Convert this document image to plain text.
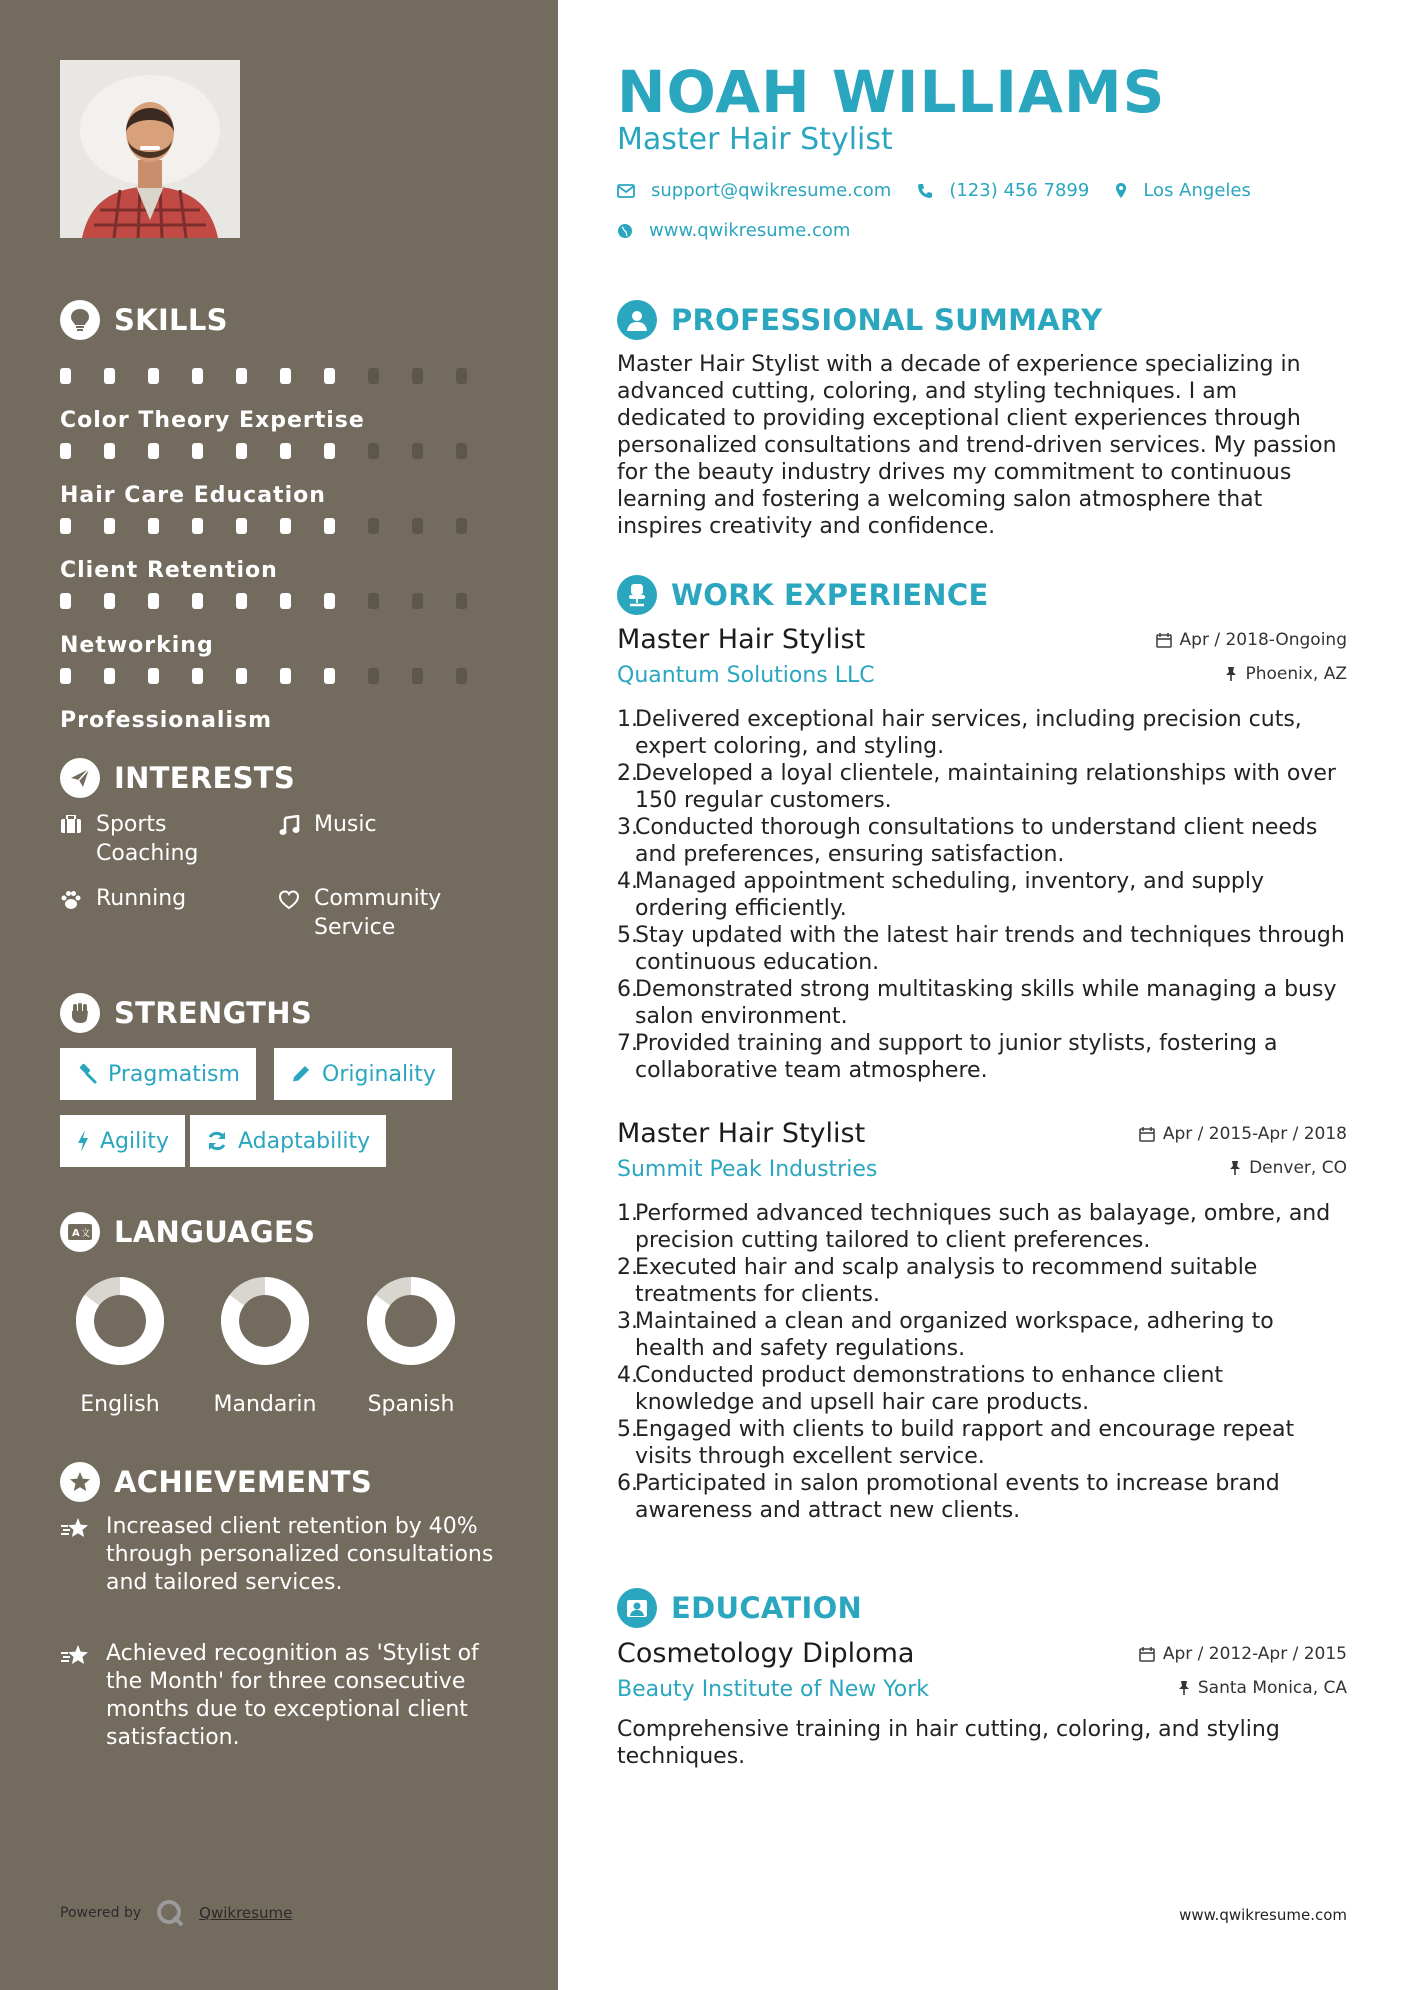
SKILLS
Color Theory Expertise
Hair Care Education
Client Retention
Networking
Professionalism
INTERESTS
Sports Coaching
Music
Running	Community Service
STRENGTHS
Pragmatism	Originality
Agility	Adaptability
A 文 LANGUAGES
English	Mandarin	Spanish
ACHIEVEMENTS
Increased client retention by 40% through personalized consultations and tailored services.
Achieved recognition as 'Stylist of the Month' for three consecutive months due to exceptional client satisfaction.
Powered by	Qwikresume
NOAH WILLIAMS
Master Hair Stylist
support@qwikresume.com	(123) 456 7899	Los Angeles
www.qwikresume.com
PROFESSIONAL SUMMARY
Master Hair Stylist with a decade of experience specializing in advanced cutting, coloring, and styling techniques. I am dedicated to providing exceptional client experiences through personalized consultations and trend-driven services. My passion for the beauty industry drives my commitment to continuous learning and fostering a welcoming salon atmosphere that inspires creativity and confidence.
WORK EXPERIENCE
Master Hair Stylist	Apr / 2018-Ongoing
Quantum Solutions LLC	Phoenix, AZ
1.Delivered exceptional hair services, including precision cuts, expert coloring, and styling.
2.Developed a loyal clientele, maintaining relationships with over 150 regular customers.
3.Conducted thorough consultations to understand client needs and preferences, ensuring satisfaction.
4.Managed appointment scheduling, inventory, and supply ordering efficiently.
5.Stay updated with the latest hair trends and techniques through continuous education.
6.Demonstrated strong multitasking skills while managing a busy salon environment.
7.Provided training and support to junior stylists, fostering a collaborative team atmosphere.
Master Hair Stylist	Apr / 2015-Apr / 2018
Summit Peak Industries	Denver, CO
1.Performed advanced techniques such as balayage, ombre, and precision cutting tailored to client preferences.
2.Executed hair and scalp analysis to recommend suitable treatments for clients.
3.Maintained a clean and organized workspace, adhering to health and safety regulations.
4.Conducted product demonstrations to enhance client knowledge and upsell hair care products.
5.Engaged with clients to build rapport and encourage repeat visits through excellent service.
6.Participated in salon promotional events to increase brand awareness and attract new clients.
EDUCATION
Cosmetology Diploma	Apr / 2012-Apr / 2015
Beauty Institute of New York	Santa Monica, CA
Comprehensive training in hair cutting, coloring, and styling techniques.
www.qwikresume.com
